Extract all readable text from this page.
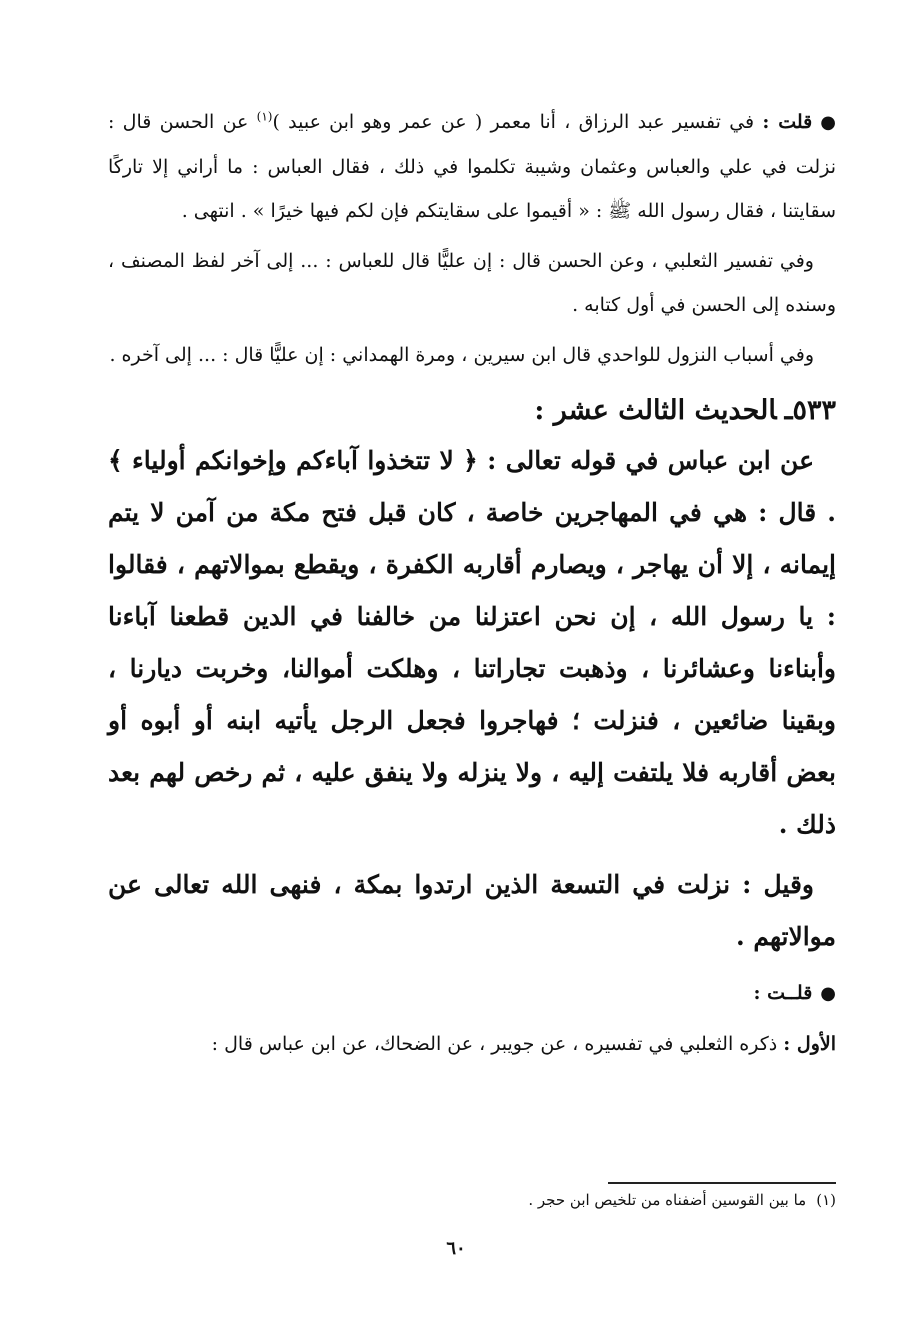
●قلت : في تفسير عبد الرزاق ، أنا معمر ( عن عمر وهو ابن عبيد )$^{(١)}$ عن الحسن قال : نزلت في علي والعباس وعثمان وشيبة تكلموا في ذلك ، فقال العباس : ما أراني إلا تاركًا سقايتنا ، فقال رسول الله ﷺ : « أقيموا على سقايتكم فإن لكم فيها خيرًا » . انتهى .

وفي تفسير الثعلبي ، وعن الحسن قال : إن عليًّا قال للعباس : ... إلى آخر لفظ المصنف ، وسنده إلى الحسن في أول كتابه .

وفي أسباب النزول للواحدي قال ابن سيرين ، ومرة الهمداني : إن عليًّا قال : ... إلى آخره .

٥٣٣ـالحديث الثالث عشر :

عن ابن عباس في قوله تعالى : ﴿ لا تتخذوا آباءكم وإخوانكم أولياء ﴾ . قال : هي في المهاجرين خاصة ، كان قبل فتح مكة من آمن لا يتم إيمانه ، إلا أن يهاجر ، ويصارم أقاربه الكفرة ، ويقطع بموالاتهم ، فقالوا : يا رسول الله ، إن نحن اعتزلنا من خالفنا في الدين قطعنا آباءنا وأبناءنا وعشائرنا ، وذهبت تجاراتنا ، وهلكت أموالنا، وخربت ديارنا ، وبقينا ضائعين ، فنزلت ؛ فهاجروا فجعل الرجل يأتيه ابنه أو أبوه أو بعض أقاربه فلا يلتفت إليه ، ولا ينزله ولا ينفق عليه ، ثم رخص لهم بعد ذلك .

وقيل : نزلت في التسعة الذين ارتدوا بمكة ، فنهى الله تعالى عن موالاتهم .

●قلــت :

الأول : ذكره الثعلبي في تفسيره ، عن جويبر ، عن الضحاك، عن ابن عباس قال :

(١)ما بين القوسين أضفناه من تلخيص ابن حجر .
٦٠
